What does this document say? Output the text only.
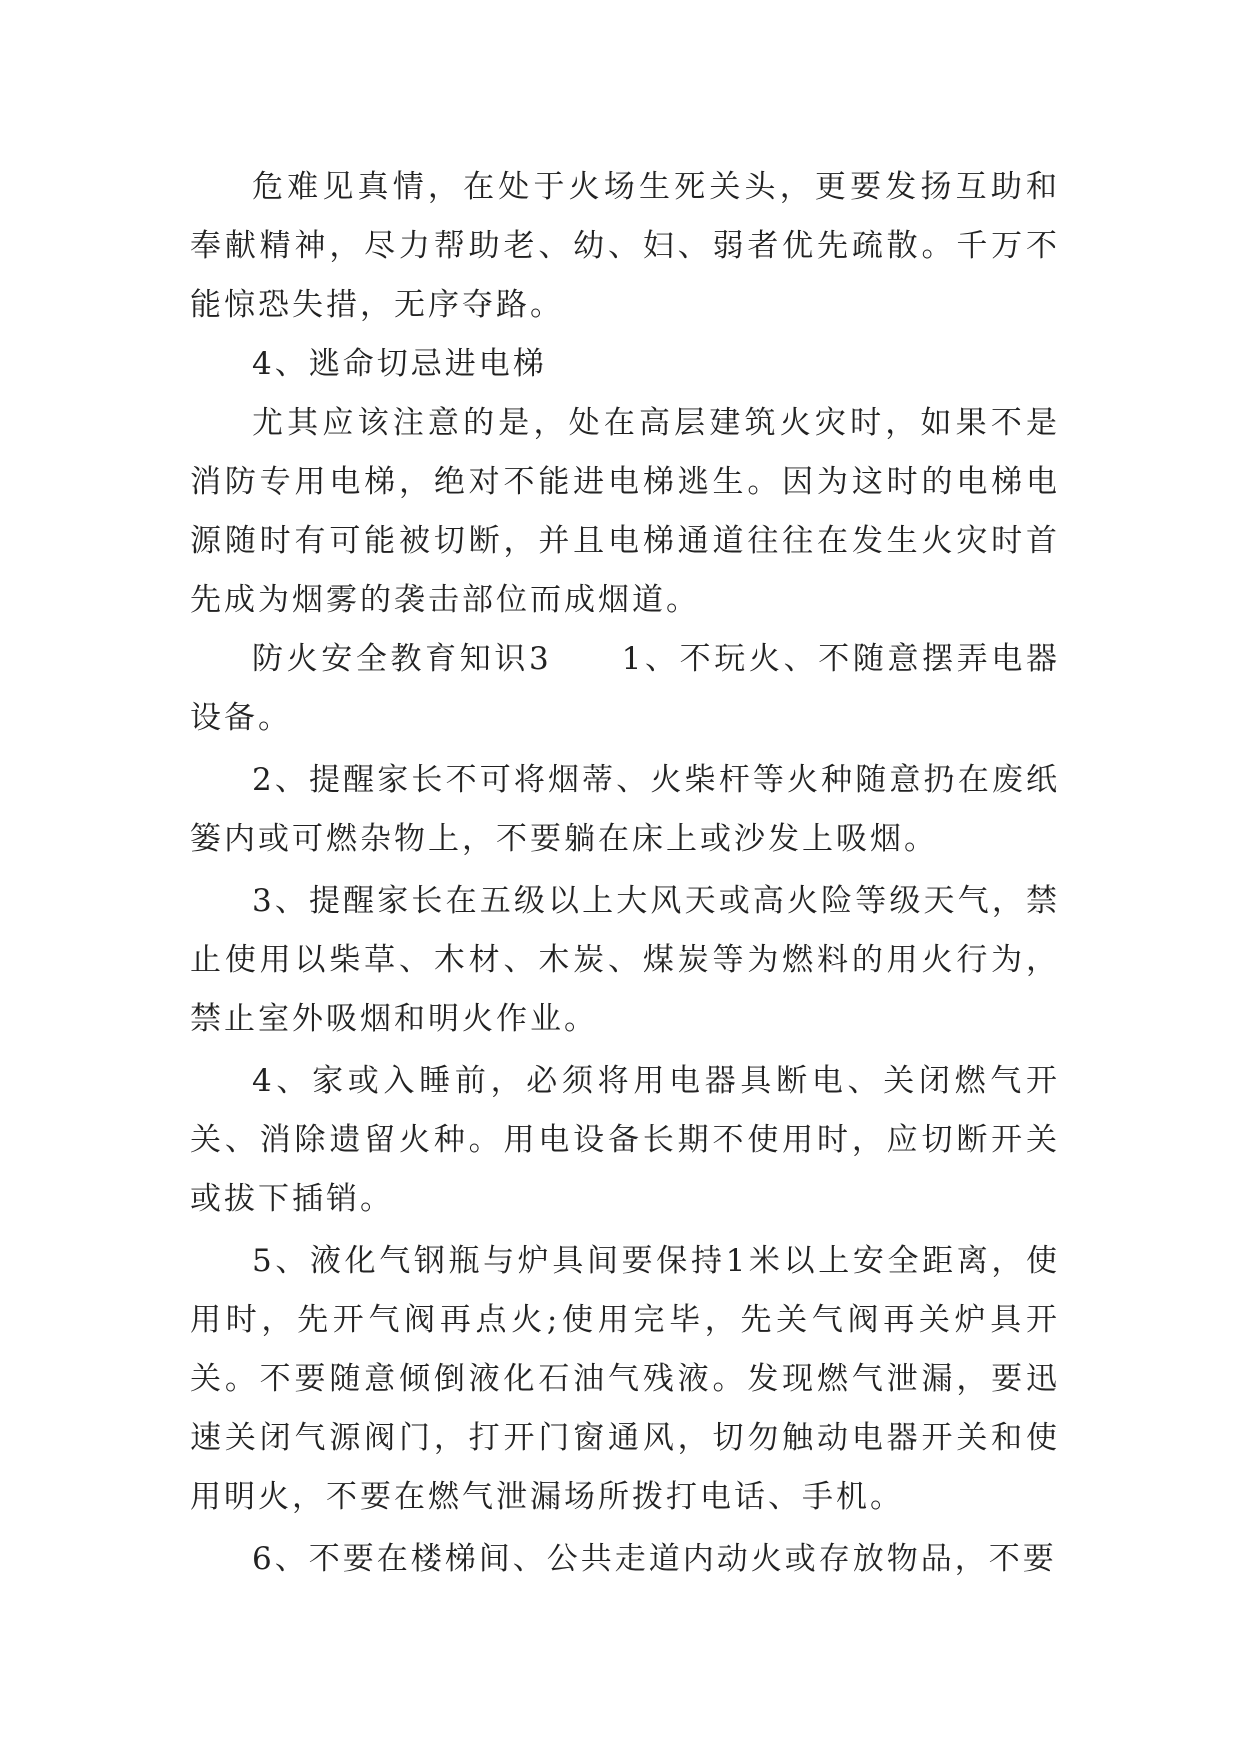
危难见真情，在处于火场生死关头，更要发扬互助和奉献精神，尽力帮助老、幼、妇、弱者优先疏散。千万不能惊恐失措，无序夺路。

4、逃命切忌进电梯

尤其应该注意的是，处在高层建筑火灾时，如果不是消防专用电梯，绝对不能进电梯逃生。因为这时的电梯电源随时有可能被切断，并且电梯通道往往在发生火灾时首先成为烟雾的袭击部位而成烟道。

防火安全教育知识3　　1、不玩火、不随意摆弄电器设备。

2、提醒家长不可将烟蒂、火柴杆等火种随意扔在废纸篓内或可燃杂物上，不要躺在床上或沙发上吸烟。

3、提醒家长在五级以上大风天或高火险等级天气，禁止使用以柴草、木材、木炭、煤炭等为燃料的用火行为，禁止室外吸烟和明火作业。

4、家或入睡前，必须将用电器具断电、关闭燃气开关、消除遗留火种。用电设备长期不使用时，应切断开关或拔下插销。

5、液化气钢瓶与炉具间要保持1米以上安全距离，使用时，先开气阀再点火;使用完毕，先关气阀再关炉具开关。不要随意倾倒液化石油气残液。发现燃气泄漏，要迅速关闭气源阀门，打开门窗通风，切勿触动电器开关和使用明火，不要在燃气泄漏场所拨打电话、手机。

6、不要在楼梯间、公共走道内动火或存放物品，不要
